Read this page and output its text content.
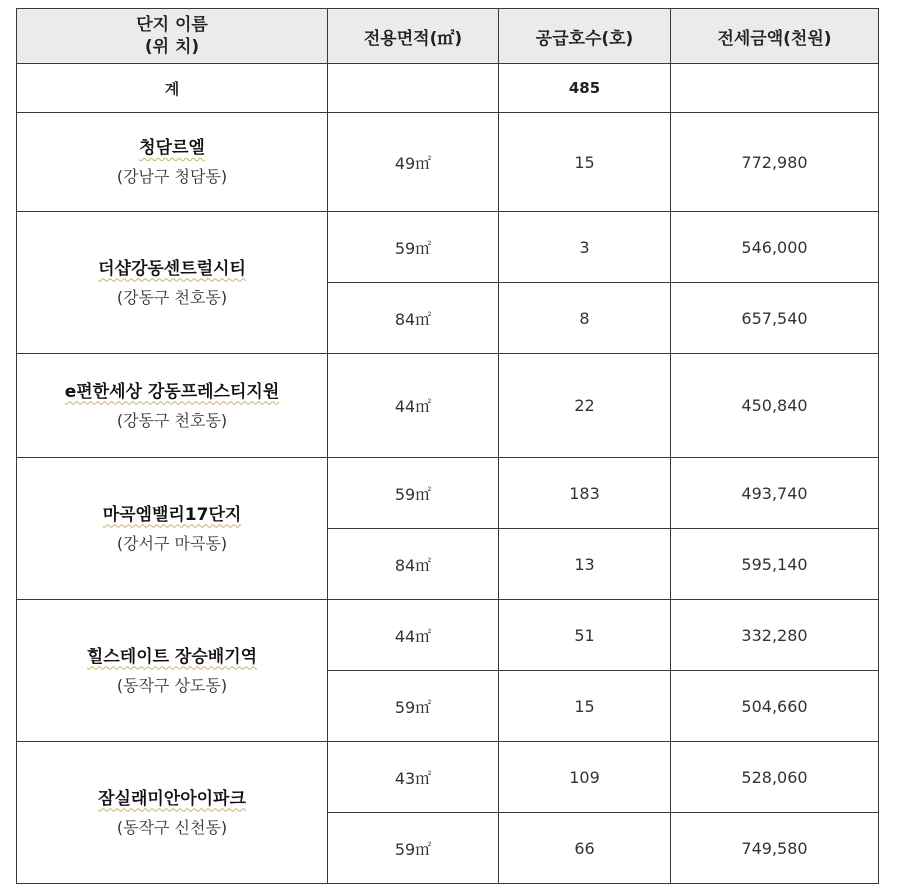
단지 이름
(위 치)	전용면적(㎡)	공급호수(호)	전세금액(천원)
계		485	

청담르엘
(강남구 청담동)	49㎡	15	772,980

더샵강동센트럴시티
(강동구 천호동)	59㎡	3	546,000
	84㎡	8	657,540

e편한세상 강동프레스티지원
(강동구 천호동)	44㎡	22	450,840

마곡엠밸리17단지
(강서구 마곡동)	59㎡	183	493,740
	84㎡	13	595,140

힐스테이트 장승배기역
(동작구 상도동)	44㎡	51	332,280
	59㎡	15	504,660

잠실래미안아이파크
(동작구 신천동)	43㎡	109	528,060
	59㎡	66	749,580
